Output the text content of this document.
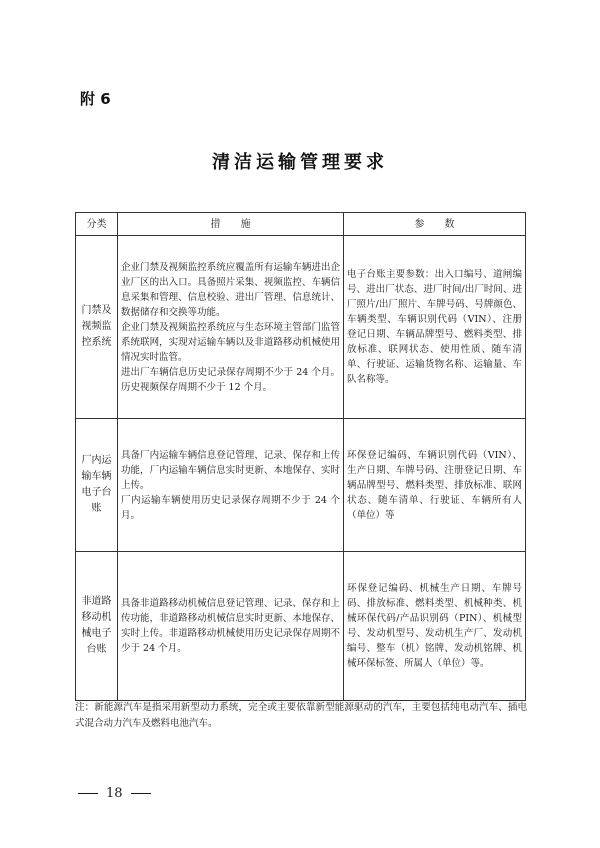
附 6
清洁运输管理要求
分类	措　　施	参　　数
门禁及视频监控系统	企业门禁及视频监控系统应覆盖所有运输车辆进出企业厂区的出入口。具备照片采集、视频监控、车辆信息采集和管理、信息校验、进出厂管理、信息统计、数据储存和交换等功能。
企业门禁及视频监控系统应与生态环境主管部门监管系统联网，实现对运输车辆以及非道路移动机械使用情况实时监管。
进出厂车辆信息历史记录保存周期不少于 24 个月。历史视频保存周期不少于 12 个月。	电子台账主要参数：出入口编号、道闸编号、进出厂状态、进厂时间/出厂时间、进厂照片/出厂照片、车牌号码、号牌颜色、车辆类型、车辆识别代码（VIN）、注册登记日期、车辆品牌型号、燃料类型、排放标准、联网状态、使用性质、随车清单、行驶证、运输货物名称、运输量、车队名称等。
厂内运输车辆电子台账	具备厂内运输车辆信息登记管理、记录、保存和上传功能，厂内运输车辆信息实时更新、本地保存、实时上传。
厂内运输车辆使用历史记录保存周期不少于 24 个月。	环保登记编码、车辆识别代码（VIN）、生产日期、车牌号码、注册登记日期、车辆品牌型号、燃料类型、排放标准、联网状态、随车清单、行驶证、车辆所有人（单位）等
非道路移动机械电子台账	具备非道路移动机械信息登记管理、记录、保存和上传功能，非道路移动机械信息实时更新、本地保存、实时上传。非道路移动机械使用历史记录保存周期不少于 24 个月。	环保登记编码、机械生产日期、车牌号码、排放标准、燃料类型、机械种类、机械环保代码/产品识别码（PIN）、机械型号、发动机型号、发动机生产厂、发动机编号、整车（机）铭牌、发动机铭牌、机械环保标签、所属人（单位）等。
注：新能源汽车是指采用新型动力系统，完全或主要依靠新型能源驱动的汽车，主要包括纯电动汽车、插电式混合动力汽车及燃料电池汽车。
18
